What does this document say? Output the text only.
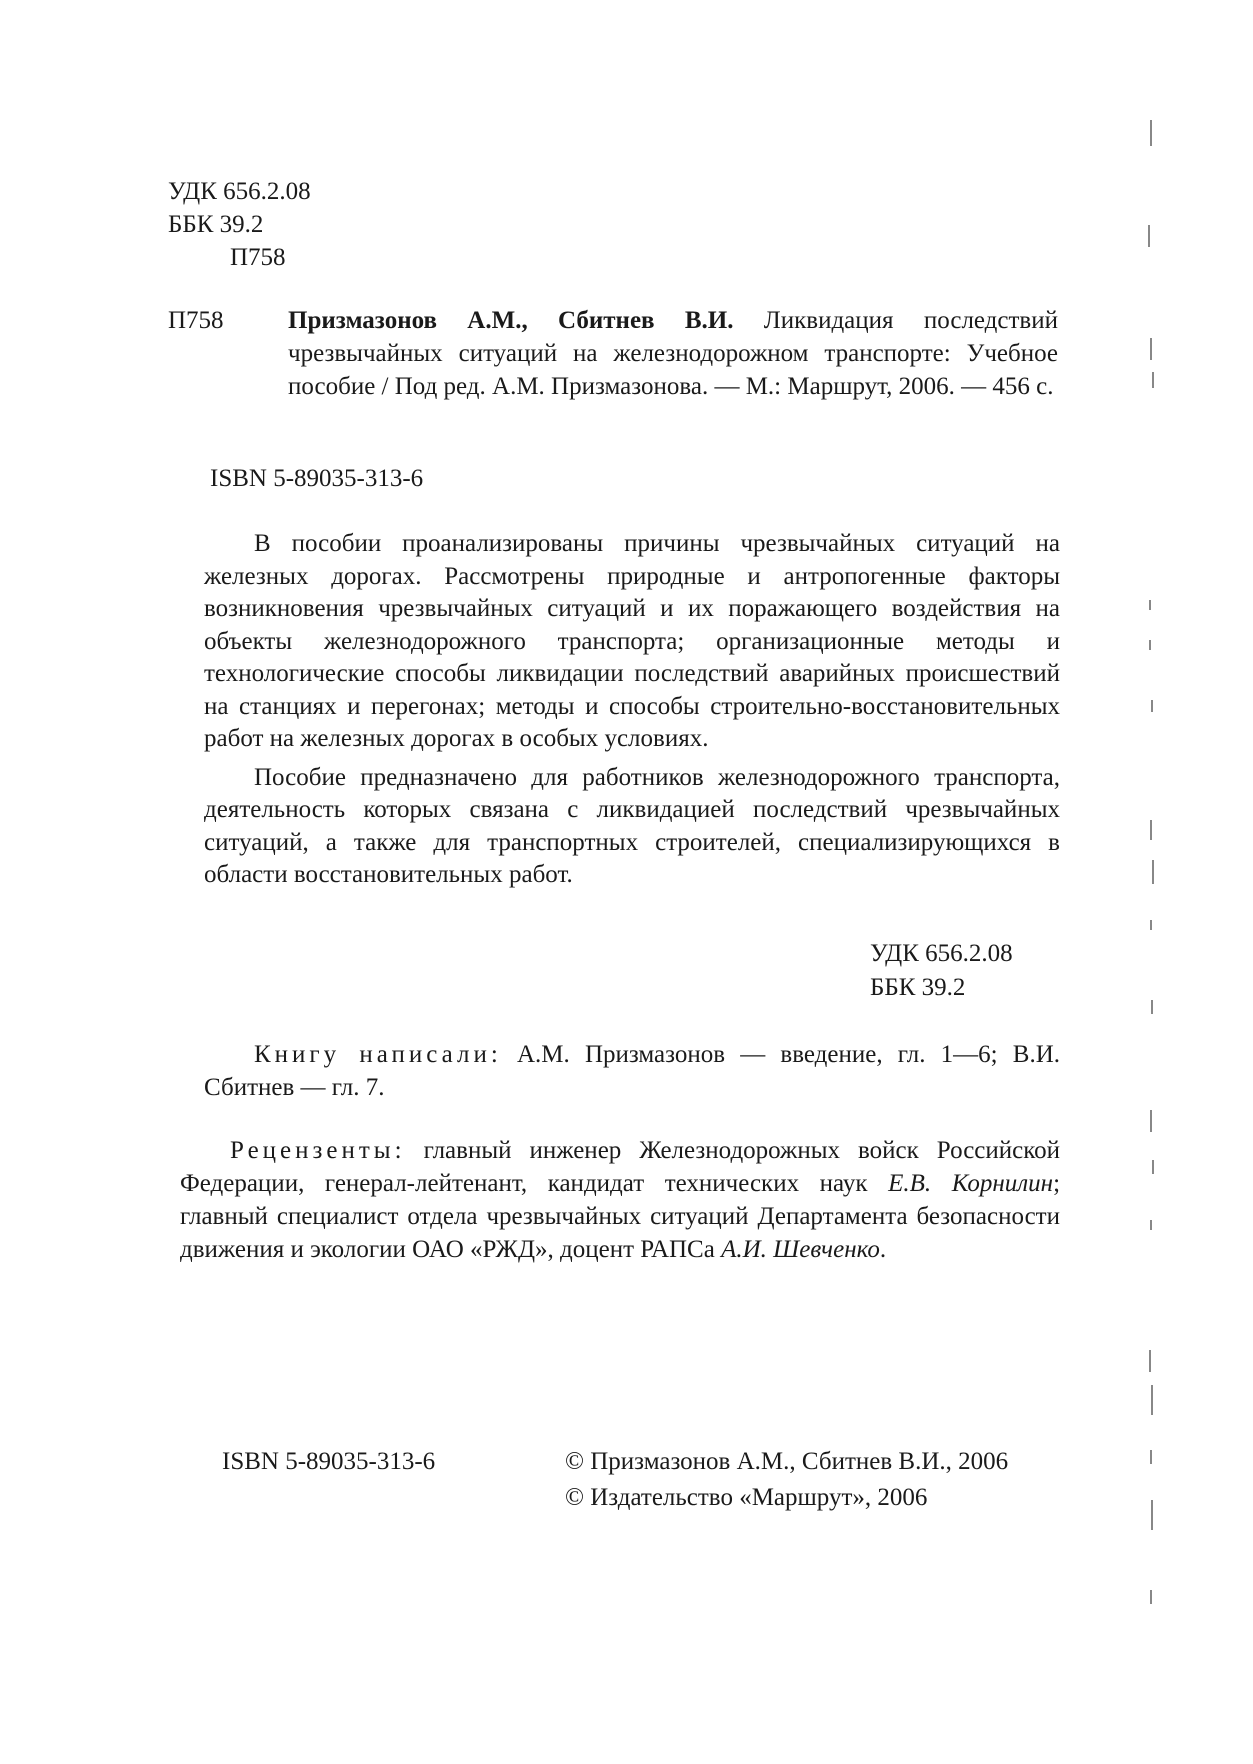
УДК 656.2.08
ББК 39.2
П758
П758	Призмазонов А.М., Сбитнев В.И. Ликвидация последствий чрезвычайных ситуаций на железнодорожном транспорте: Учебное пособие / Под ред. А.М. Призмазонова. — М.: Маршрут, 2006. — 456 с.
ISBN 5-89035-313-6

В пособии проанализированы причины чрезвычайных ситуаций на железных дорогах. Рассмотрены природные и антропогенные факторы возникновения чрезвычайных ситуаций и их поражающего воздействия на объекты железнодорожного транспорта; организационные методы и технологические способы ликвидации последствий аварийных происшествий на станциях и перегонах; методы и способы строительно-восстановительных работ на железных дорогах в особых условиях.

Пособие предназначено для работников железнодорожного транспорта, деятельность которых связана с ликвидацией последствий чрезвычайных ситуаций, а также для транспортных строителей, специализирующихся в области восстановительных работ.

УДК 656.2.08
ББК 39.2
Книгу написали: А.М. Призмазонов — введение, гл. 1—6; В.И. Сбитнев — гл. 7.
Рецензенты: главный инженер Железнодорожных войск Российской Федерации, генерал-лейтенант, кандидат технических наук Е.В. Корнилин; главный специалист отдела чрезвычайных ситуаций Департамента безопасности движения и экологии ОАО «РЖД», доцент РАПСа А.И. Шевченко.
ISBN 5-89035-313-6	© Призмазонов А.М., Сбитнев В.И., 2006
© Издательство «Маршрут», 2006
